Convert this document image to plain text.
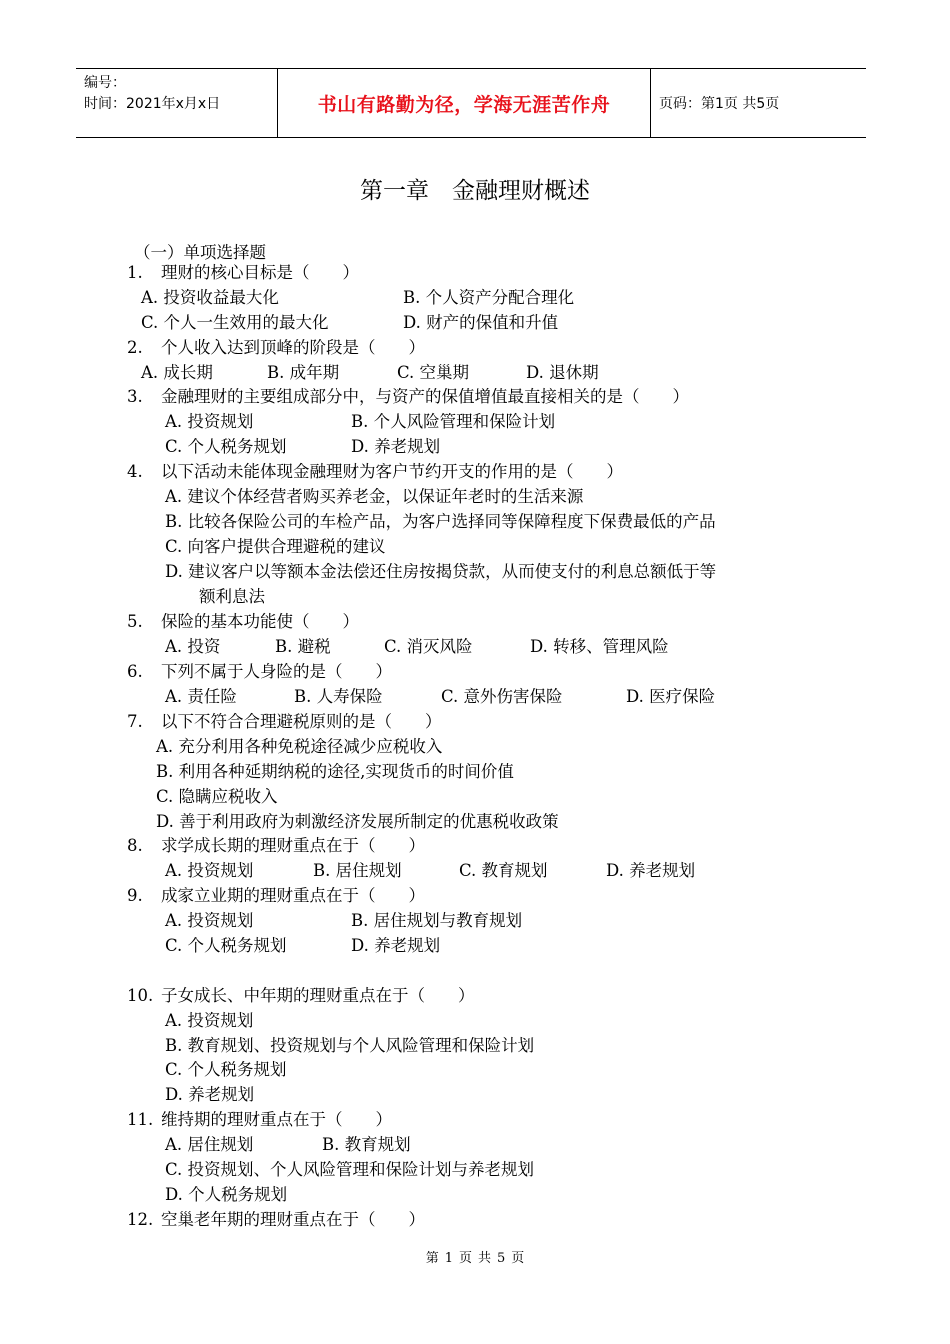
编号：
时间：2021年x月x日	书山有路勤为径，学海无涯苦作舟	页码：第1页 共5页
第一章　金融理财概述
（一）单项选择题
1. 理财的核心目标是（　　）
A. 投资收益最大化	B. 个人资产分配合理化
C. 个人一生效用的最大化	D. 财产的保值和升值
2. 个人收入达到顶峰的阶段是（　　）
A. 成长期	B. 成年期	C. 空巢期	D. 退休期
3. 金融理财的主要组成部分中，与资产的保值增值最直接相关的是（　　）
A. 投资规划	B. 个人风险管理和保险计划
C. 个人税务规划	D. 养老规划
4. 以下活动未能体现金融理财为客户节约开支的作用的是（　　）
A. 建议个体经营者购买养老金，以保证年老时的生活来源
B. 比较各保险公司的车检产品，为客户选择同等保障程度下保费最低的产品
C. 向客户提供合理避税的建议
D. 建议客户以等额本金法偿还住房按揭贷款，从而使支付的利息总额低于等
额利息法
5. 保险的基本功能使（　　）
A. 投资	B. 避税	C. 消灭风险	D. 转移、管理风险
6. 下列不属于人身险的是（　　）
A. 责任险	B. 人寿保险	C. 意外伤害保险	D. 医疗保险
7. 以下不符合合理避税原则的是（　　）
A. 充分利用各种免税途径减少应税收入
B. 利用各种延期纳税的途径,实现货币的时间价值
C. 隐瞒应税收入
D. 善于利用政府为刺激经济发展所制定的优惠税收政策
8. 求学成长期的理财重点在于（　　）
A. 投资规划	B. 居住规划	C. 教育规划	D. 养老规划
9. 成家立业期的理财重点在于（　　）
A. 投资规划	B. 居住规划与教育规划
C. 个人税务规划	D. 养老规划
10. 子女成长、中年期的理财重点在于（　　）
A. 投资规划
B. 教育规划、投资规划与个人风险管理和保险计划
C. 个人税务规划
D. 养老规划
11. 维持期的理财重点在于（　　）
A. 居住规划	B. 教育规划
C. 投资规划、个人风险管理和保险计划与养老规划
D. 个人税务规划
12. 空巢老年期的理财重点在于（　　）
第 1 页 共 5 页
